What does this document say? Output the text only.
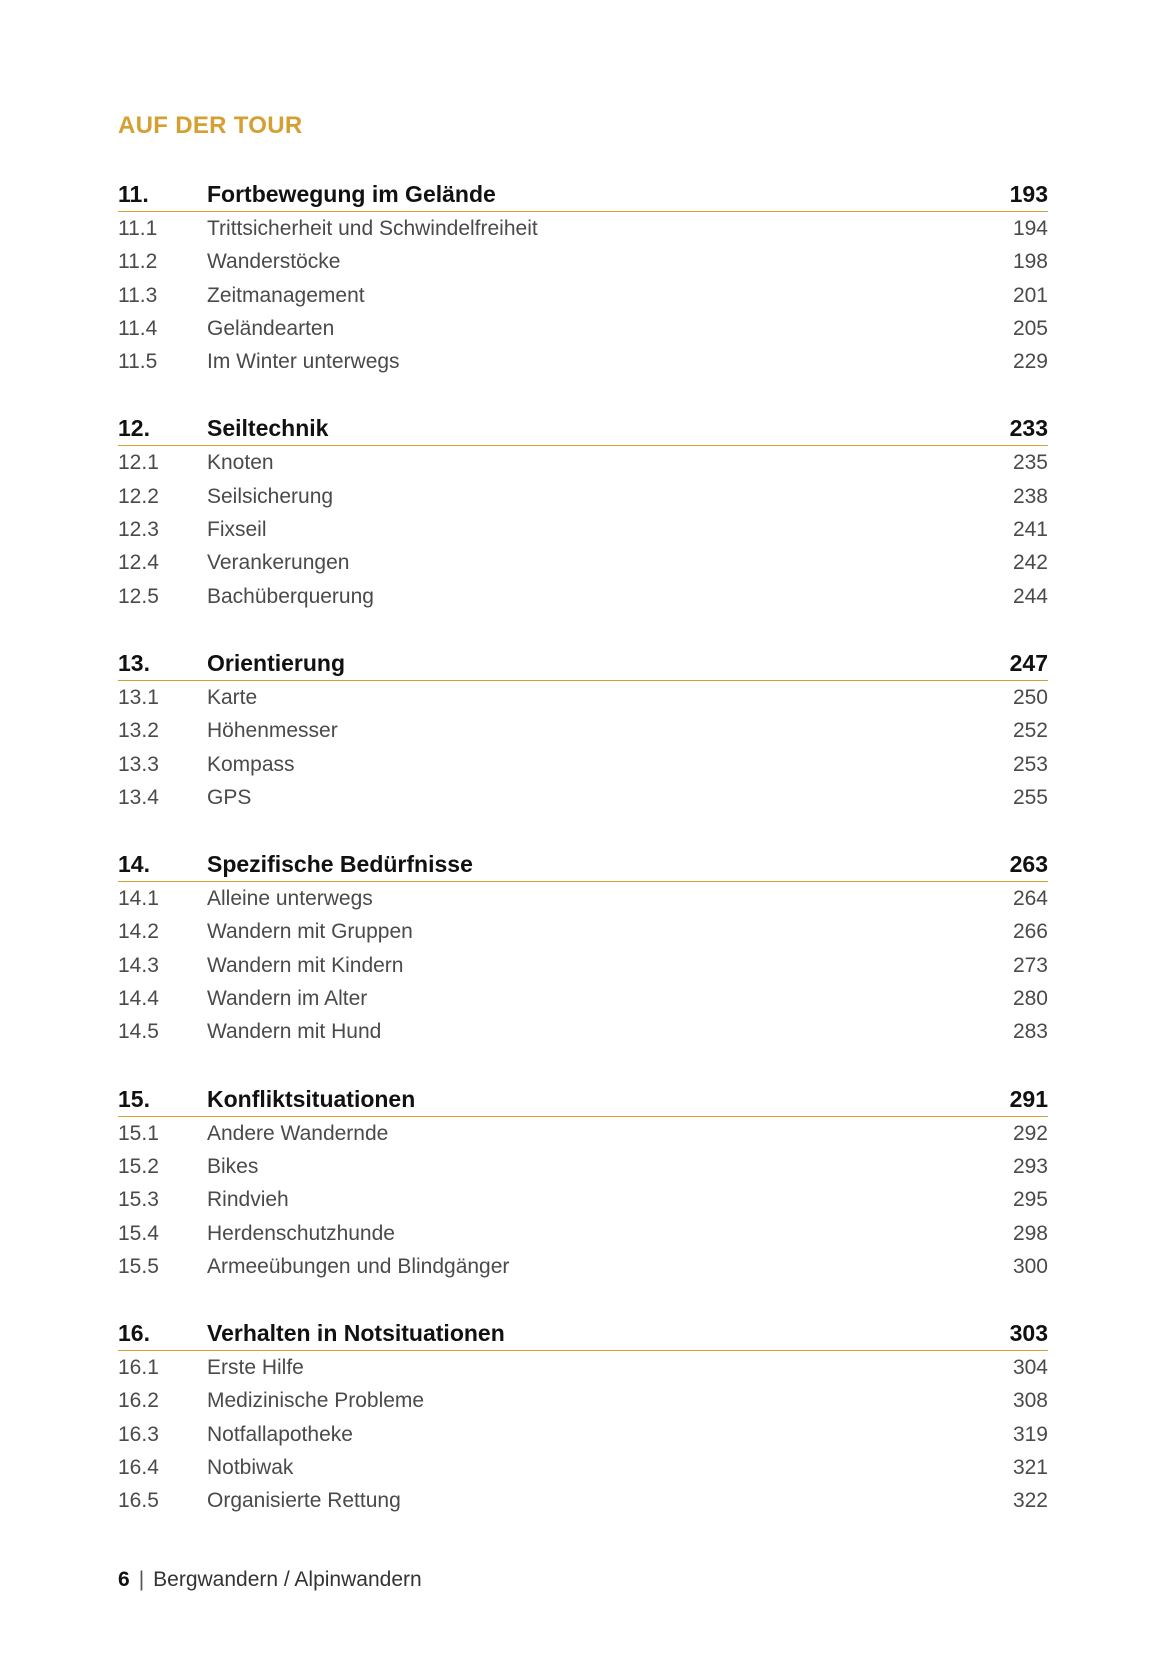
AUF DER TOUR
11.	Fortbewegung im Gelände	193
11.1	Trittsicherheit und Schwindelfreiheit	194
11.2	Wanderstöcke	198
11.3	Zeitmanagement	201
11.4	Geländearten	205
11.5	Im Winter unterwegs	229
12.	Seiltechnik	233
12.1	Knoten	235
12.2	Seilsicherung	238
12.3	Fixseil	241
12.4	Verankerungen	242
12.5	Bachüberquerung	244
13.	Orientierung	247
13.1	Karte	250
13.2	Höhenmesser	252
13.3	Kompass	253
13.4	GPS	255
14.	Spezifische Bedürfnisse	263
14.1	Alleine unterwegs	264
14.2	Wandern mit Gruppen	266
14.3	Wandern mit Kindern	273
14.4	Wandern im Alter	280
14.5	Wandern mit Hund	283
15.	Konfliktsituationen	291
15.1	Andere Wandernde	292
15.2	Bikes	293
15.3	Rindvieh	295
15.4	Herdenschutzhunde	298
15.5	Armeeübungen und Blindgänger	300
16.	Verhalten in Notsituationen	303
16.1	Erste Hilfe	304
16.2	Medizinische Probleme	308
16.3	Notfallapotheke	319
16.4	Notbiwak	321
16.5	Organisierte Rettung	322
6 | Bergwandern / Alpinwandern
